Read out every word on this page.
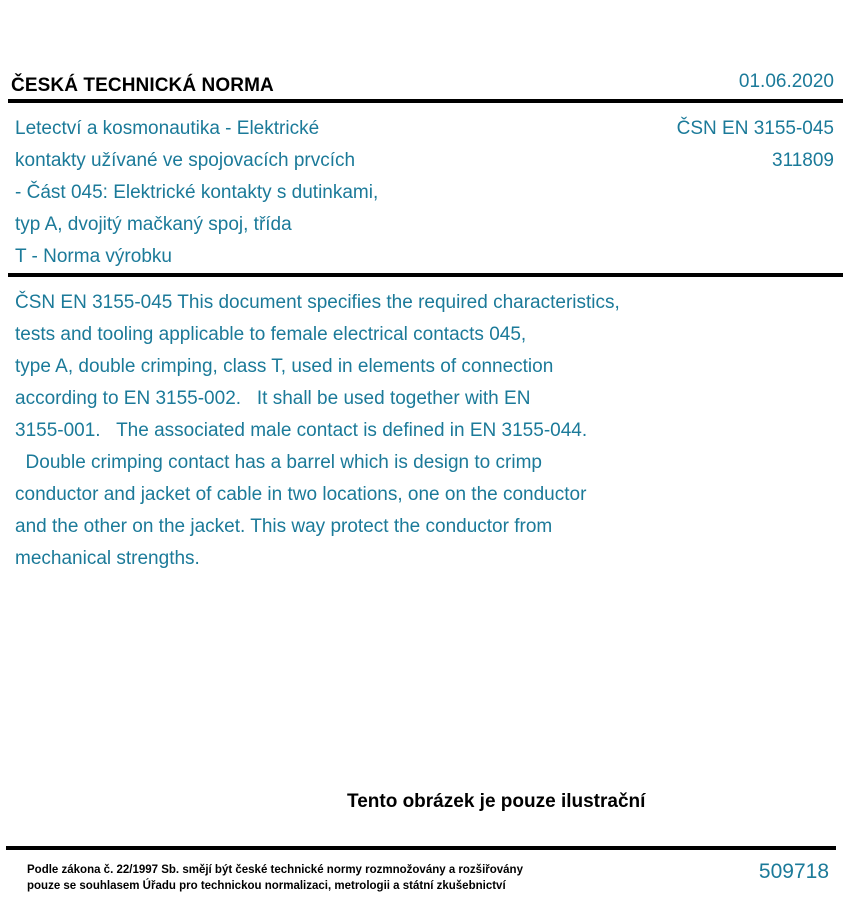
ČESKÁ TECHNICKÁ NORMA	01.06.2020
Letectví a kosmonautika - Elektrické
kontakty užívané ve spojovacích prvcích
- Část 045: Elektrické kontakty s dutinkami,
typ A, dvojitý mačkaný spoj, třída
T - Norma výrobku
ČSN EN 3155-045
311809

ČSN EN 3155-045 This document specifies the required characteristics,

tests and tooling applicable to female electrical contacts 045,

type A, double crimping, class T, used in elements of connection

according to EN 3155-002.   It shall be used together with EN

3155-001.   The associated male contact is defined in EN 3155-044.

Double crimping contact has a barrel which is design to crimp

conductor and jacket of cable in two locations, one on the conductor

and the other on the jacket. This way protect the conductor from

mechanical strengths.

Tento obrázek je pouze ilustrační
Podle zákona č. 22/1997 Sb. smějí být české technické normy rozmnožovány a rozšiřovány
pouze se souhlasem Úřadu pro technickou normalizaci, metrologii a státní zkušebnictví
509718
